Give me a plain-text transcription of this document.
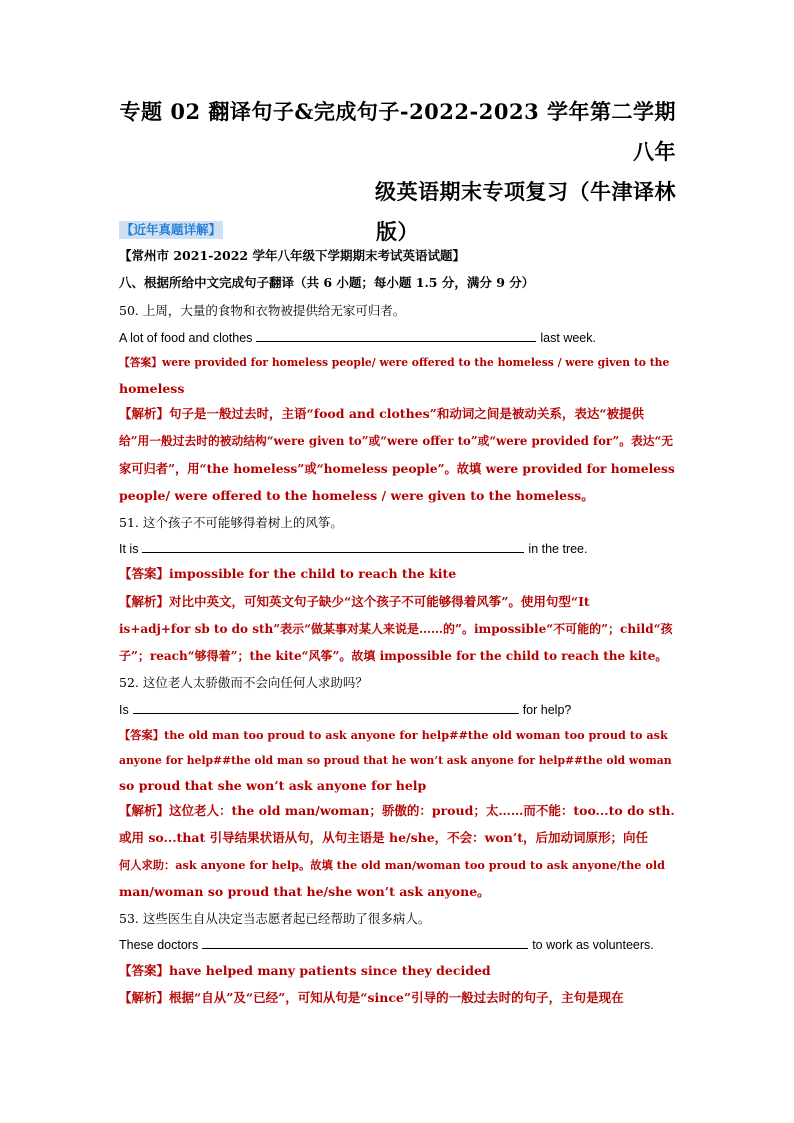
专题 02 翻译句子&完成句子-2022-2023 学年第二学期八年
级英语期末专项复习（牛津译林
版）
【近年真题详解】
【常州市 2021-2022 学年八年级下学期期末考试英语试题】
八、根据所给中文完成句子翻译（共 6 小题；每小题 1.5 分，满分 9 分）
50. 上周，大量的食物和衣物被提供给无家可归者。
A lot of food and clothes	last week.
【答案】were provided for homeless people/ were offered to the homeless / were given to the
homeless
【解析】句子是一般过去时，主语“food and clothes”和动词之间是被动关系，表达“被提供
给”用一般过去时的被动结构“were given to”或“were offer to”或“were provided for”。表达“无
家可归者”，用“the homeless”或“homeless people”。故填 were provided for homeless
people/ were offered to the homeless / were given to the homeless。
51. 这个孩子不可能够得着树上的风筝。
It is	in the tree.
【答案】impossible for the child to reach the kite
【解析】对比中英文，可知英文句子缺少“这个孩子不可能够得着风筝”。使用句型“It
is+adj+for sb to do sth”表示“做某事对某人来说是……的”。impossible“不可能的”；child“孩
子”；reach“够得着”；the kite“风筝”。故填 impossible for the child to reach the kite。
52. 这位老人太骄傲而不会向任何人求助吗？
Is	for help?
【答案】the old man too proud to ask anyone for help##the old woman too proud to ask
anyone for help##the old man so proud that he won’t ask anyone for help##the old woman
so proud that she won’t ask anyone for help
【解析】这位老人：the old man/woman；骄傲的：proud；太……而不能：too...to do sth.
或用 so...that 引导结果状语从句，从句主语是 he/she，不会：won’t，后加动词原形；向任
何人求助：ask anyone for help。故填 the old man/woman too proud to ask anyone/the old
man/woman so proud that he/she won’t ask anyone。
53. 这些医生自从决定当志愿者起已经帮助了很多病人。
These doctors	to work as volunteers.
【答案】have helped many patients since they decided
【解析】根据“自从”及“已经”，可知从句是“since”引导的一般过去时的句子，主句是现在
